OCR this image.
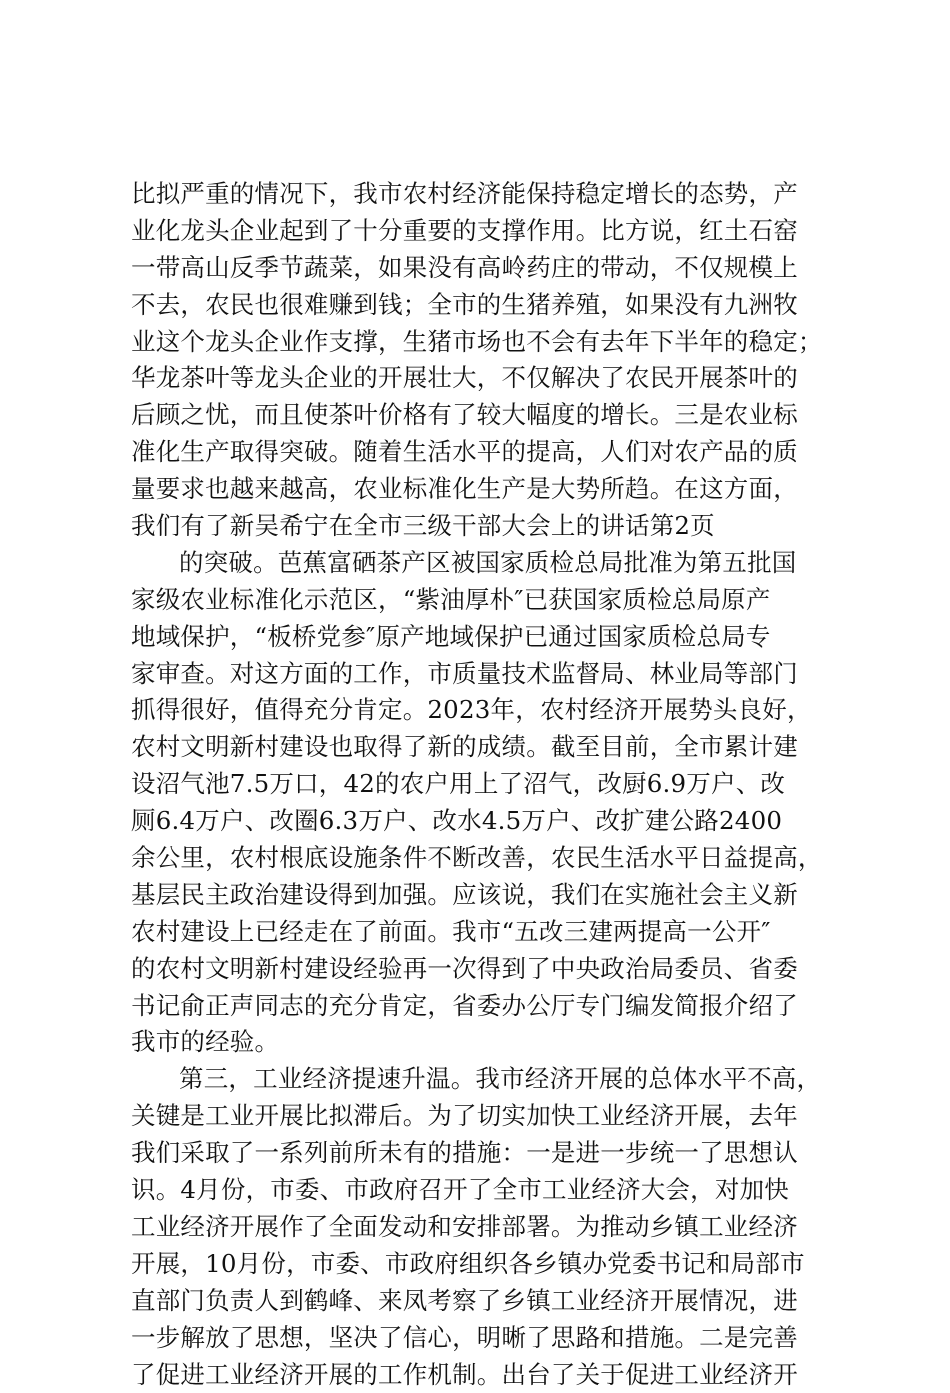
比拟严重的情况下，我市农村经济能保持稳定增长的态势，产
业化龙头企业起到了十分重要的支撑作用。比方说，红土石窑
一带高山反季节蔬菜，如果没有高岭药庄的带动，不仅规模上
不去，农民也很难赚到钱；全市的生猪养殖，如果没有九洲牧
业这个龙头企业作支撑，生猪市场也不会有去年下半年的稳定；
华龙茶叶等龙头企业的开展壮大，不仅解决了农民开展茶叶的
后顾之忧，而且使茶叶价格有了较大幅度的增长。三是农业标
准化生产取得突破。随着生活水平的提高，人们对农产品的质
量要求也越来越高，农业标准化生产是大势所趋。在这方面，
我们有了新吴希宁在全市三级干部大会上的讲话第2页
的突破。芭蕉富硒茶产区被国家质检总局批准为第五批国
家级农业标准化示范区，“紫油厚朴″已获国家质检总局原产
地域保护，“板桥党参″原产地域保护已通过国家质检总局专
家审查。对这方面的工作，市质量技术监督局、林业局等部门
抓得很好，值得充分肯定。2023年，农村经济开展势头良好，
农村文明新村建设也取得了新的成绩。截至目前，全市累计建
设沼气池7.5万口，42的农户用上了沼气，改厨6.9万户、改
厕6.4万户、改圈6.3万户、改水4.5万户、改扩建公路2400
余公里，农村根底设施条件不断改善，农民生活水平日益提高，
基层民主政治建设得到加强。应该说，我们在实施社会主义新
农村建设上已经走在了前面。我市“五改三建两提高一公开″
的农村文明新村建设经验再一次得到了中央政治局委员、省委
书记俞正声同志的充分肯定，省委办公厅专门编发简报介绍了
我市的经验。
第三，工业经济提速升温。我市经济开展的总体水平不高，
关键是工业开展比拟滞后。为了切实加快工业经济开展，去年
我们采取了一系列前所未有的措施：一是进一步统一了思想认
识。4月份，市委、市政府召开了全市工业经济大会，对加快
工业经济开展作了全面发动和安排部署。为推动乡镇工业经济
开展，10月份，市委、市政府组织各乡镇办党委书记和局部市
直部门负责人到鹤峰、来凤考察了乡镇工业经济开展情况，进
一步解放了思想，坚决了信心，明晰了思路和措施。二是完善
了促进工业经济开展的工作机制。出台了关于促进工业经济开
